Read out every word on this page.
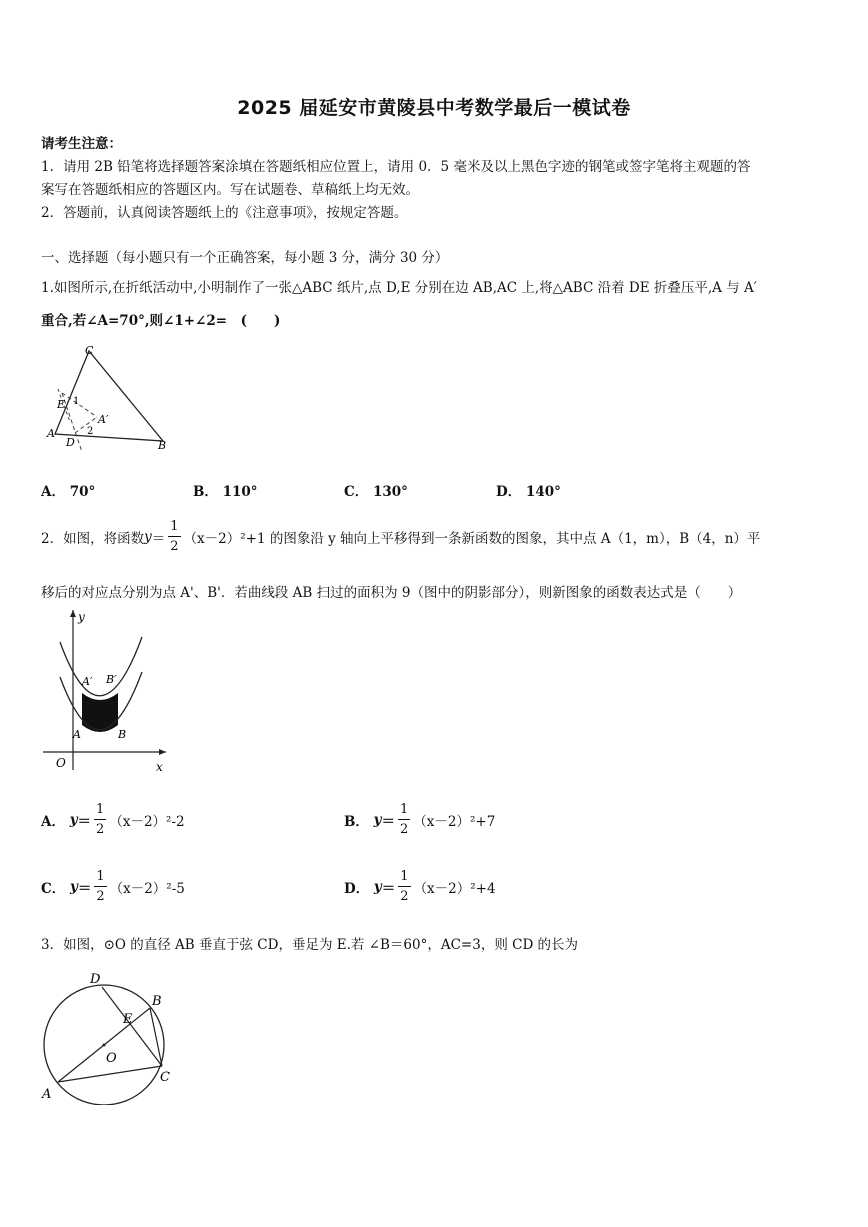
2025 届延安市黄陵县中考数学最后一模试卷
请考生注意：
1．请用 2B 铅笔将选择题答案涂填在答题纸相应位置上，请用 0．5 毫米及以上黑色字迹的钢笔或签字笔将主观题的答
案写在答题纸相应的答题区内。写在试题卷、草稿纸上均无效。
2．答题前，认真阅读答题纸上的《注意事项》，按规定答题。
一、选择题（每小题只有一个正确答案，每小题 3 分，满分 30 分）
1.如图所示,在折纸活动中,小明制作了一张△ABC 纸片,点 D,E 分别在边 AB,AC 上,将△ABC 沿着 DE 折叠压平,A 与 A′
重合,若∠A=70°,则∠1+∠2=　(　　)
C
E 1
A′
2
A
D	B
A． 70°	B． 110°	C． 130°	D． 140°
2．如图，将函数 $y = \frac{1}{2} (x-2)^2+1$ 的图象沿 y 轴向上平移得到一条新函数的图象，其中点 A（1，m），B（4，n）平
移后的对应点分别为点 A'、B'．若曲线段 AB 扫过的面积为 9（图中的阴影部分），则新图象的函数表达式是（　　）
y
A′ B′
A	B
O	x
A．
$y = \frac{1}{2} (x-2)^2-2$	B．
$y = \frac{1}{2} (x-2)^2+7$
C．
$y = \frac{1}{2} (x-2)^2-5$	D．
$y = \frac{1}{2} (x-2)^2+4$
3．如图，⊙O 的直径 AB 垂直于弦 CD，垂足为 E.若 ∠B＝60°，AC=3，则 CD 的长为
D
B
E
O
A
C
